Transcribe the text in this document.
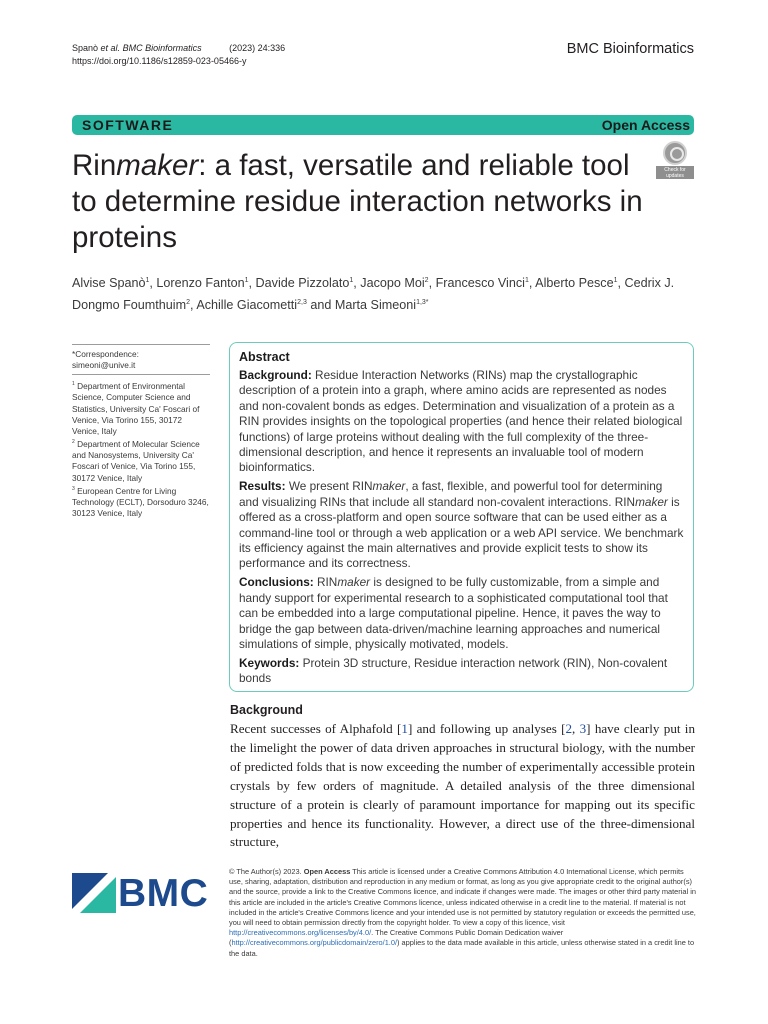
Spanò et al. BMC Bioinformatics	(2023) 24:336
https://doi.org/10.1186/s12859-023-05466-y
BMC Bioinformatics
SOFTWARE	Open Access
Check for
updates
Rinmaker: a fast, versatile and reliable tool to determine residue interaction networks in proteins
Alvise Spanò$^1$, Lorenzo Fanton$^1$, Davide Pizzolato$^1$, Jacopo Moi$^2$, Francesco Vinci$^1$, Alberto Pesce$^1$, Cedrix J. Dongmo Foumthuim$^2$, Achille Giacometti$^{2,3}$ and Marta Simeoni$^{1,3*}$
*Correspondence:
simeoni@unive.it
$^1$ Department of Environmental Science, Computer Science and Statistics, University Ca' Foscari of Venice, Via Torino 155, 30172 Venice, Italy
$^2$ Department of Molecular Science and Nanosystems, University Ca' Foscari of Venice, Via Torino 155, 30172 Venice, Italy
$^3$ European Centre for Living Technology (ECLT), Dorsoduro 3246, 30123 Venice, Italy
Abstract

Background: Residue Interaction Networks (RINs) map the crystallographic description of a protein into a graph, where amino acids are represented as nodes and non-covalent bonds as edges. Determination and visualization of a protein as a RIN provides insights on the topological properties (and hence their related biological functions) of large proteins without dealing with the full complexity of the three-dimensional description, and hence it represents an invaluable tool of modern bioinformatics.

Results: We present RINmaker, a fast, flexible, and powerful tool for determining and visualizing RINs that include all standard non-covalent interactions. RINmaker is offered as a cross-platform and open source software that can be used either as a command-line tool or through a web application or a web API service. We benchmark its efficiency against the main alternatives and provide explicit tests to show its performance and its correctness.

Conclusions: RINmaker is designed to be fully customizable, from a simple and handy support for experimental research to a sophisticated computational tool that can be embedded into a large computational pipeline. Hence, it paves the way to bridge the gap between data-driven/machine learning approaches and numerical simulations of simple, physically motivated, models.

Keywords: Protein 3D structure, Residue interaction network (RIN), Non-covalent bonds

Background
Recent successes of Alphafold [1] and following up analyses [2, 3] have clearly put in the limelight the power of data driven approaches in structural biology, with the number of predicted folds that is now exceeding the number of experimentally accessible protein crystals by few orders of magnitude. A detailed analysis of the three dimensional structure of a protein is clearly of paramount importance for mapping out its specific properties and hence its functionality. However, a direct use of the three-dimensional structure,
BMC
© The Author(s) 2023. Open Access This article is licensed under a Creative Commons Attribution 4.0 International License, which permits use, sharing, adaptation, distribution and reproduction in any medium or format, as long as you give appropriate credit to the original author(s) and the source, provide a link to the Creative Commons licence, and indicate if changes were made. The images or other third party material in this article are included in the article's Creative Commons licence, unless indicated otherwise in a credit line to the material. If material is not included in the article's Creative Commons licence and your intended use is not permitted by statutory regulation or exceeds the permitted use, you will need to obtain permission directly from the copyright holder. To view a copy of this licence, visit http://creativecommons.org/licenses/by/4.0/. The Creative Commons Public Domain Dedication waiver (http://creativecommons.org/publicdomain/zero/1.0/) applies to the data made available in this article, unless otherwise stated in a credit line to the data.
